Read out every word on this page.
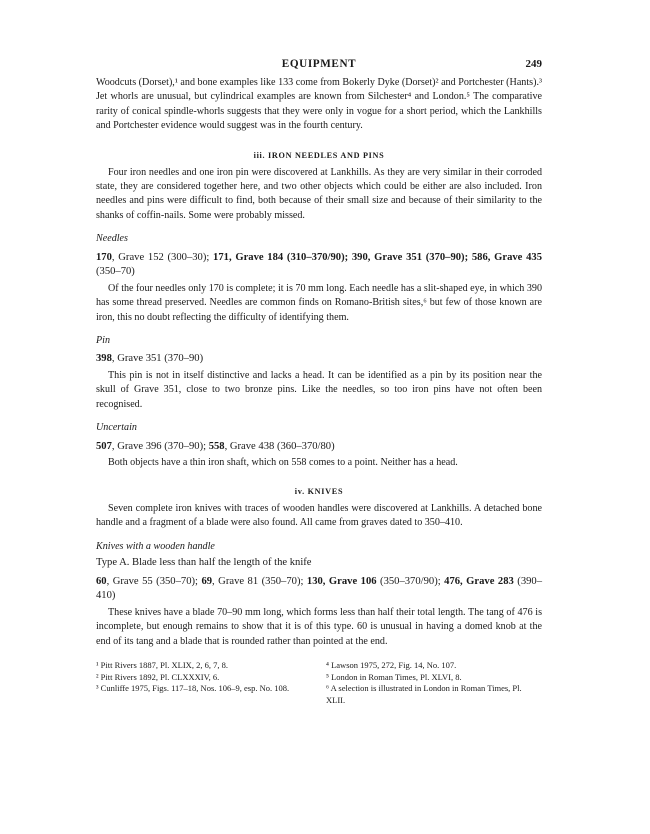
EQUIPMENT	249

Woodcuts (Dorset),¹ and bone examples like 133 come from Bokerly Dyke (Dorset)² and Portchester (Hants).³ Jet whorls are unusual, but cylindrical examples are known from Silchester⁴ and London.⁵ The comparative rarity of conical spindle-whorls suggests that they were only in vogue for a short period, which the Lankhills and Portchester evidence would suggest was in the fourth century.

iii. IRON NEEDLES AND PINS

Four iron needles and one iron pin were discovered at Lankhills. As they are very similar in their corroded state, they are considered together here, and two other objects which could be either are also included. Iron needles and pins were difficult to find, both because of their small size and because of their similarity to the shanks of coffin-nails. Some were probably missed.

Needles

170, Grave 152 (300–30); 171, Grave 184 (310–370/90); 390, Grave 351 (370–90); 586, Grave 435 (350–70)

Of the four needles only 170 is complete; it is 70 mm long. Each needle has a slit-shaped eye, in which 390 has some thread preserved. Needles are common finds on Romano-British sites,⁶ but few of those known are iron, this no doubt reflecting the difficulty of identifying them.

Pin

398, Grave 351 (370–90)

This pin is not in itself distinctive and lacks a head. It can be identified as a pin by its position near the skull of Grave 351, close to two bronze pins. Like the needles, so too iron pins have not often been recognised.

Uncertain

507, Grave 396 (370–90); 558, Grave 438 (360–370/80)

Both objects have a thin iron shaft, which on 558 comes to a point. Neither has a head.

iv. KNIVES

Seven complete iron knives with traces of wooden handles were discovered at Lankhills. A detached bone handle and a fragment of a blade were also found. All came from graves dated to 350–410.

Knives with a wooden handle

Type A. Blade less than half the length of the knife

60, Grave 55 (350–70); 69, Grave 81 (350–70); 130, Grave 106 (350–370/90); 476, Grave 283 (390–410)

These knives have a blade 70–90 mm long, which forms less than half their total length. The tang of 476 is incomplete, but enough remains to show that it is of this type. 60 is unusual in having a domed knob at the end of its tang and a blade that is rounded rather than pointed at the end.

¹ Pitt Rivers 1887, Pl. XLIX, 2, 6, 7, 8.

² Pitt Rivers 1892, Pl. CLXXXIV, 6.

³ Cunliffe 1975, Figs. 117–18, Nos. 106–9, esp. No. 108.

⁴ Lawson 1975, 272, Fig. 14, No. 107.

⁵ London in Roman Times, Pl. XLVI, 8.

⁶ A selection is illustrated in London in Roman Times, Pl. XLII.
